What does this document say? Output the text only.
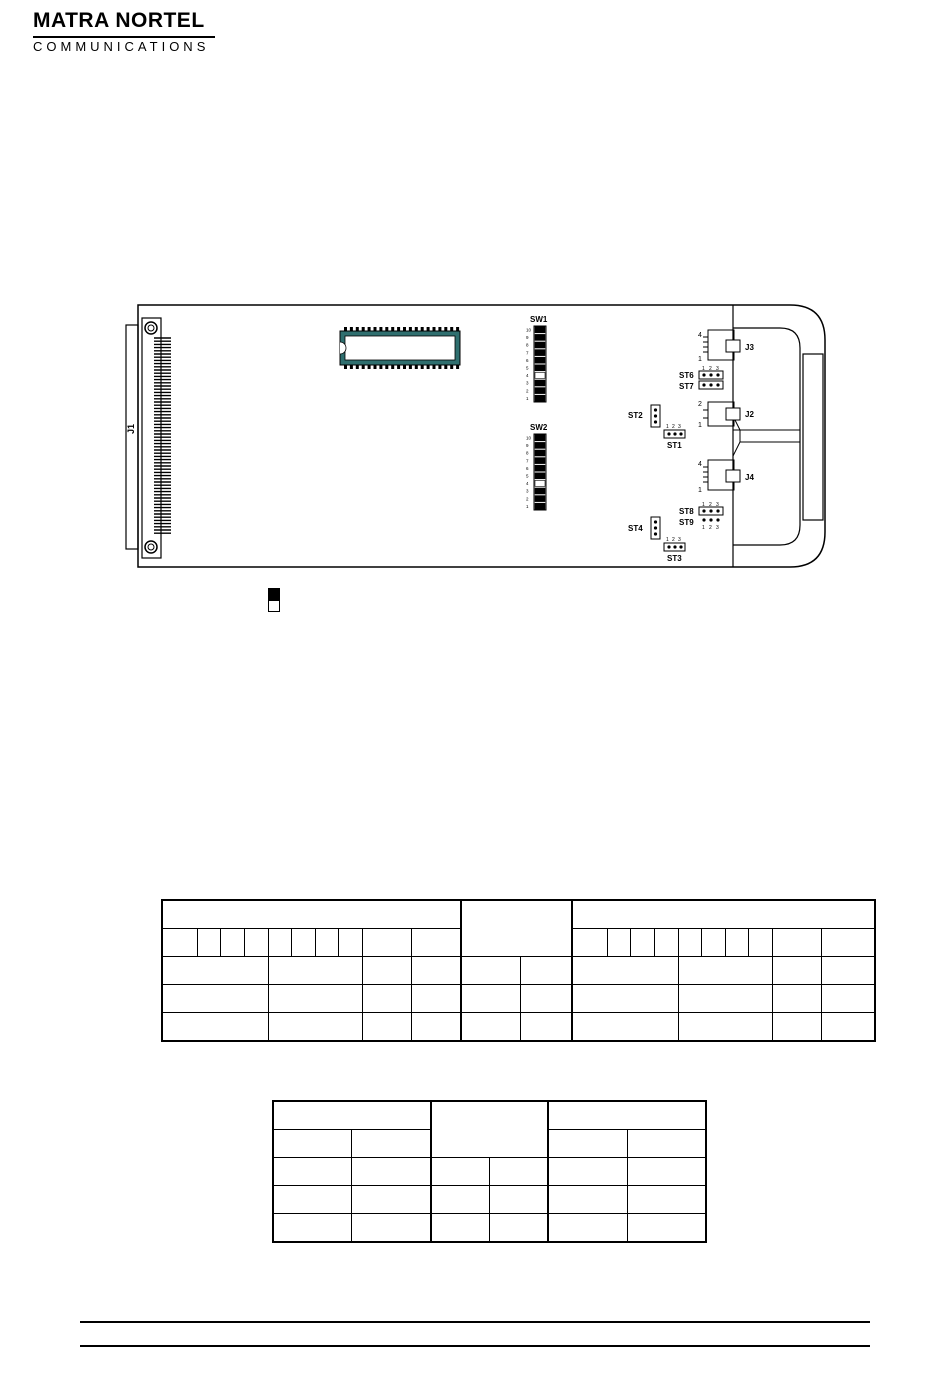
MATRA NORTEL
COMMUNICATIONS
J1
SW1
10
9
8
7
6
5
4
3
2
1
SW2
10
9
8
7
6
5
4
3
2
1
4
1
J3
ST6
ST7
1 2 3
ST2
2
1
J2
1 2 3
ST1
4
1
J4
ST8
ST9
1 2 3
1 2 3
ST4
1 2 3
ST3
